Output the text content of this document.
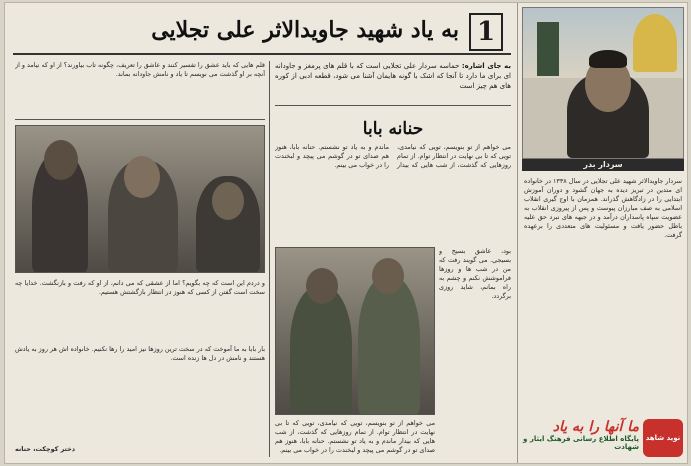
به یاد شهید جاویدالاثر علی تجلایی 1
قلم هایی که باید عشق را تفسیر کنند و عاشق را تعریف، چگونه تاب بیاورند؟ از او که نیامد و از آنچه بر او گذشت می نویسم تا یاد و نامش جاودانه بماند.
و دردم این است که چه بگویم؟ اما از عشقی که می دانم، از او که رفت و بازنگشت. خدایا چه سخت است گفتن از کسی که هنوز در انتظار بازگشتش هستیم.
بار بابا به ما آموخت که در سخت ترین روزها نیز امید را رها نکنیم. خانواده اش هر روز به یادش هستند و نامش در دل ها زنده است.
دختر کوچکت، حنانه
به جای اشاره: حماسه سردار علی تجلایی است که با قلم های پرمغز و جاودانه ای برای ما دارد تا آنجا که اشک با گونه هایمان آشنا می شود، قطعه ادبی از کوره های هم چیز است
حنانه بابا
می خواهم از تو بنویسم، تویی که نیامدی، تویی که تا بی نهایت در انتظار توام. از تمام روزهایی که گذشت، از شب هایی که بیدار ماندم و به یاد تو نشستم. حنانه بابا، هنوز هم صدای تو در گوشم می پیچد و لبخندت را در خواب می بینم.
بود، عاشق بسیج و بسیجی. می گویند رفت که من در شب ها و روزها فراموشش نکنم و چشم به راه بمانم، شاید روزی برگردد.
می خواهم از تو بنویسم، تویی که نیامدی، تویی که تا بی نهایت در انتظار توام. از تمام روزهایی که گذشت، از شب هایی که بیدار ماندم و به یاد تو نشستم. حنانه بابا، هنوز هم صدای تو در گوشم می پیچد و لبخندت را در خواب می بینم.
سردار بدر
سردار جاویدالاثر شهید علی تجلایی در سال ۱۳۳۸ در خانواده ای متدین در تبریز دیده به جهان گشود و دوران آموزش ابتدایی را در زادگاهش گذراند. همزمان با اوج گیری انقلاب اسلامی به صف مبارزان پیوست و پس از پیروزی انقلاب به عضویت سپاه پاسداران درآمد و در جبهه های نبرد حق علیه باطل حضور یافت و مسئولیت های متعددی را برعهده گرفت.
نوید شاهد
ما آنها را به یاد
پایگاه اطلاع رسانی فرهنگ ایثار و شهادت
